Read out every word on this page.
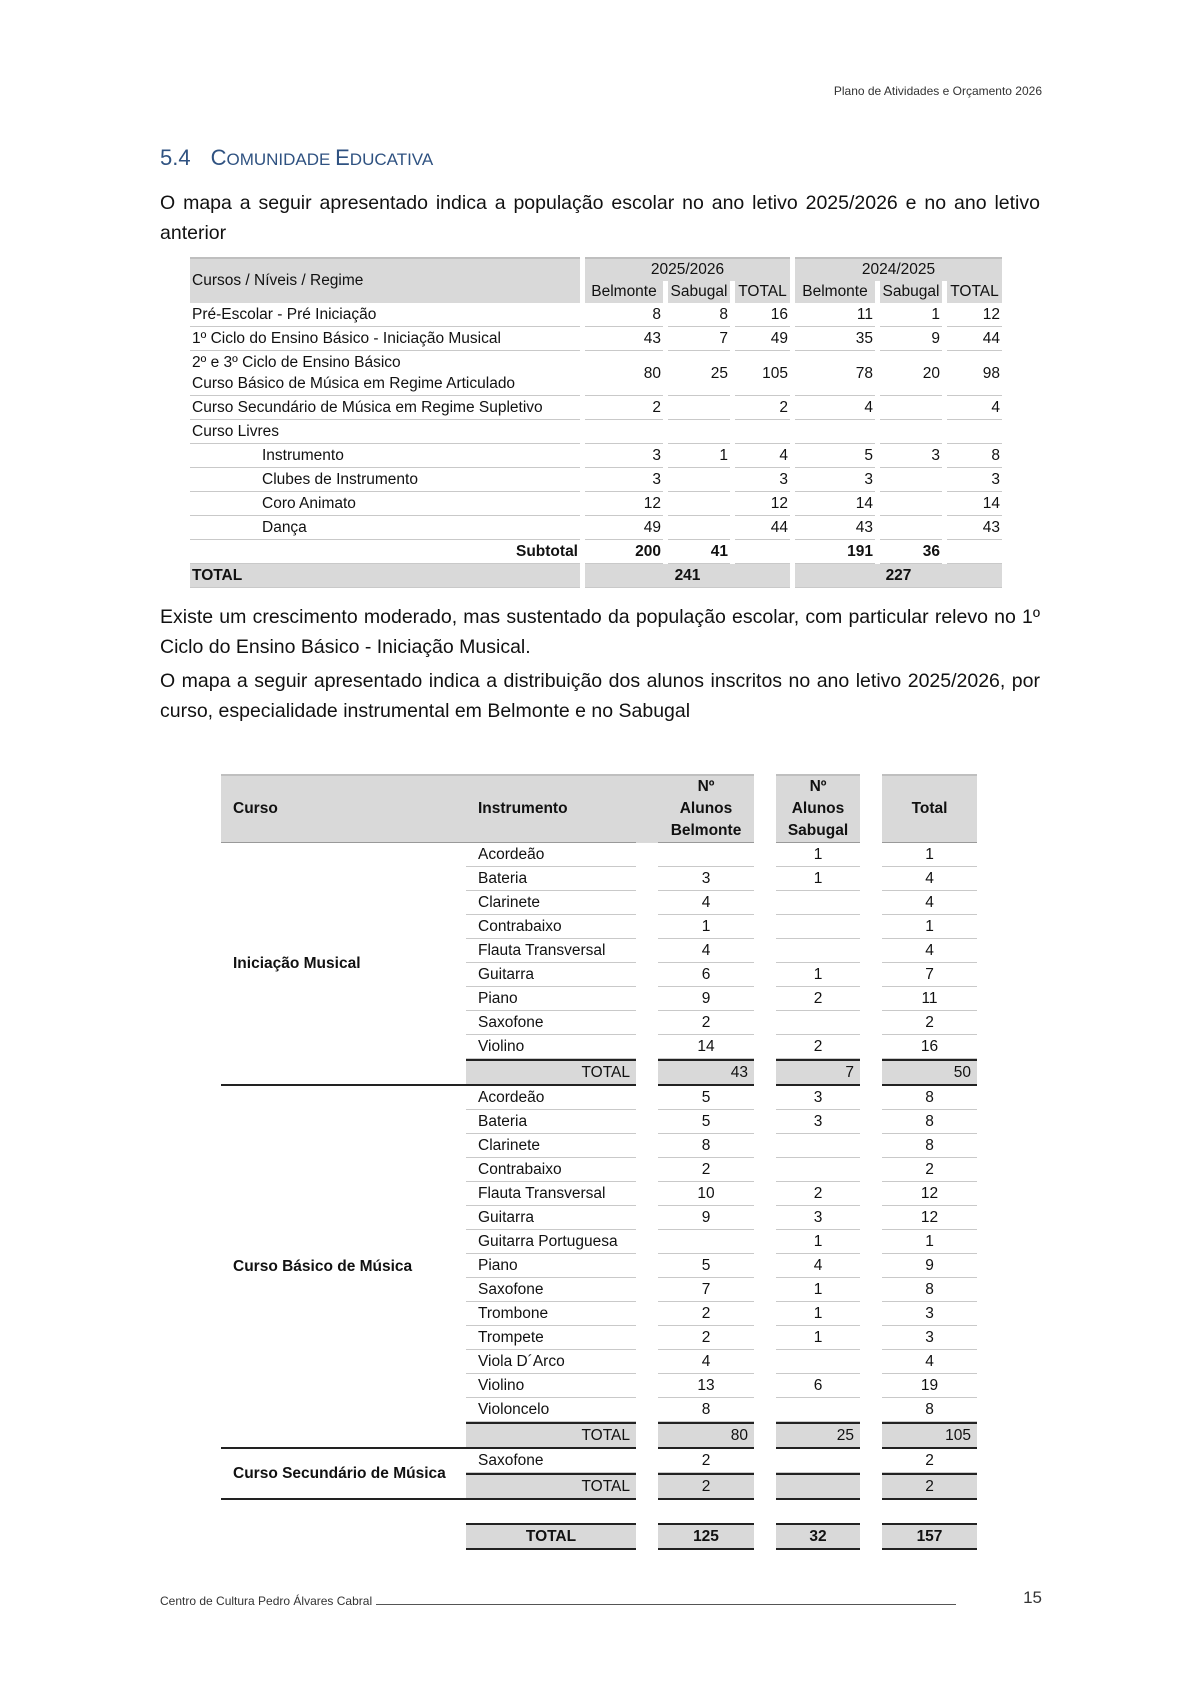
Plano de Atividades e Orçamento 2026
5.4 COMUNIDADE EDUCATIVA
O mapa a seguir apresentado indica a população escolar no ano letivo 2025/2026 e no ano letivo anterior
Cursos / Níveis / Regime	2025/2026			2024/2025		
	Belmonte	Sabugal	TOTAL	Belmonte	Sabugal	TOTAL
Pré-Escolar - Pré Iniciação	8	8	16	11	1	12
1º Ciclo do Ensino Básico - Iniciação Musical	43	7	49	35	9	44

2º e 3º Ciclo de Ensino Básico
Curso Básico de Música em Regime Articulado	80	25	105	78	20	98
Curso Secundário de Música em Regime Supletivo	2		2	4		4
Curso Livres						
Instrumento	3	1	4	5	3	8
Clubes de Instrumento	3		3	3		3
Coro Animato	12		12	14		14
Dança	49		44	43		43
Subtotal	200	41		191	36	
TOTAL	241			227		
Existe um crescimento moderado, mas sustentado da população escolar, com particular relevo no 1º Ciclo do Ensino Básico - Iniciação Musical.
O mapa a seguir apresentado indica a distribuição dos alunos inscritos no ano letivo 2025/2026, por curso, especialidade instrumental em Belmonte e no Sabugal
Curso	Instrumento		Nº
Alunos
Belmonte		Nº
Alunos
Sabugal		Total
Iniciação Musical	Acordeão				1		1
	Bateria		3		1		4
	Clarinete		4				4
	Contrabaixo		1				1
	Flauta Transversal		4				4
	Guitarra		6		1		7
	Piano		9		2		11
	Saxofone		2				2
	Violino		14		2		16
	TOTAL		43		7		50
Curso Básico de Música	Acordeão		5		3		8
	Bateria		5		3		8
	Clarinete		8				8
	Contrabaixo		2				2
	Flauta Transversal		10		2		12
	Guitarra		9		3		12
	Guitarra Portuguesa				1		1
	Piano		5		4		9
	Saxofone		7		1		8
	Trombone		2		1		3
	Trompete		2		1		3
	Viola D´Arco		4				4
	Violino		13		6		19
	Violoncelo		8				8
	TOTAL		80		25		105
Curso Secundário de Música	Saxofone		2				2
	TOTAL		2				2

	TOTAL		125		32		157
Centro de Cultura Pedro Álvares Cabral	15
